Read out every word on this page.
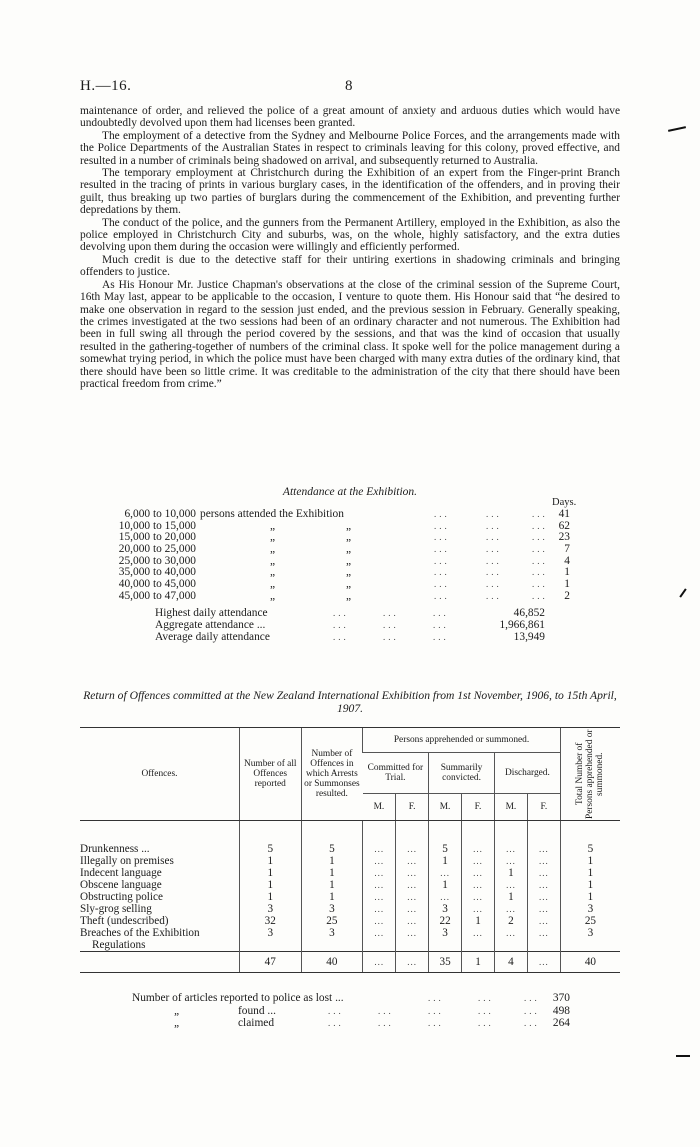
H.—16.	8

maintenance of order, and relieved the police of a great amount of anxiety and arduous duties which would have undoubtedly devolved upon them had licenses been granted.

The employment of a detective from the Sydney and Melbourne Police Forces, and the arrangements made with the Police Departments of the Australian States in respect to criminals leaving for this colony, proved effective, and resulted in a number of criminals being shadowed on arrival, and subsequently returned to Australia.

The temporary employment at Christchurch during the Exhibition of an expert from the Finger-print Branch resulted in the tracing of prints in various burglary cases, in the identification of the offenders, and in proving their guilt, thus breaking up two parties of burglars during the commencement of the Exhibition, and preventing further depredations by them.

The conduct of the police, and the gunners from the Permanent Artillery, employed in the Exhibition, as also the police employed in Christchurch City and suburbs, was, on the whole, highly satisfactory, and the extra duties devolving upon them during the occasion were willingly and efficiently performed.

Much credit is due to the detective staff for their untiring exertions in shadowing criminals and bringing offenders to justice.

As His Honour Mr. Justice Chapman's observations at the close of the criminal session of the Supreme Court, 16th May last, appear to be applicable to the occasion, I venture to quote them. His Honour said that “he desired to make one observation in regard to the session just ended, and the previous session in February. Generally speaking, the crimes investigated at the two sessions had been of an ordinary character and not numerous. The Exhibition had been in full swing all through the period covered by the sessions, and that was the kind of occasion that usually resulted in the gathering-together of numbers of the criminal class. It spoke well for the police management during a somewhat trying period, in which the police must have been charged with many extra duties of the ordinary kind, that there should have been so little crime. It was creditable to the administration of the city that there should have been practical freedom from crime.”

Attendance at the Exhibition.
Days.
6,000 to 10,000 persons attended the Exhibition	...	...	... 41
10,000 to 15,000	„	„	...	...	... 62
15,000 to 20,000	„	„	...	...	... 23
20,000 to 25,000	„	„	...	...	...	7
25,000 to 30,000	„	„	...	...	...	4
35,000 to 40,000	„	„	...	...	...	1
40,000 to 45,000	„	„	...	...	...	1
45,000 to 47,000	„	„	...	...	...	2
Highest daily attendance	...	...	...	46,852
Aggregate attendance ...	...	...	...	1,966,861
Average daily attendance	...	...	...	13,949
Return of Offences committed at the New Zealand International Exhibition from 1st November, 1906, to 15th April, 1907.
Offences.	Number of all Offences reported	Number of Offences in which Arrests or Summonses resulted.	Persons apprehended or summoned.						Total Number of Persons apprehended or summoned.

			Committed for Trial.		Summarily convicted.		Discharged.		
			M.	F.	M.	F.	M.	F.	

Drunkenness ...	5	5	...	...	5	...	...	...	5
Illegally on premises	1	1	...	...	1	...	...	...	1
Indecent language	1	1	...	...	...	...	1	...	1
Obscene language	1	1	...	...	1	...	...	...	1
Obstructing police	1	1	...	...	...	...	1	...	1
Sly-grog selling	3	3	...	...	3	...	...	...	3
Theft (undescribed)	32	25	...	...	22	1	2	...	25
Breaches of the Exhibition	3	3	...	...	3	...	...	...	3
Regulations									
	47	40	...	...	35	1	4	...	40
Number of articles reported to police as lost ...	...	...	...	370
„	found ...	...	...	...	...	...	498
„	claimed	...	...	...	...	...	264
